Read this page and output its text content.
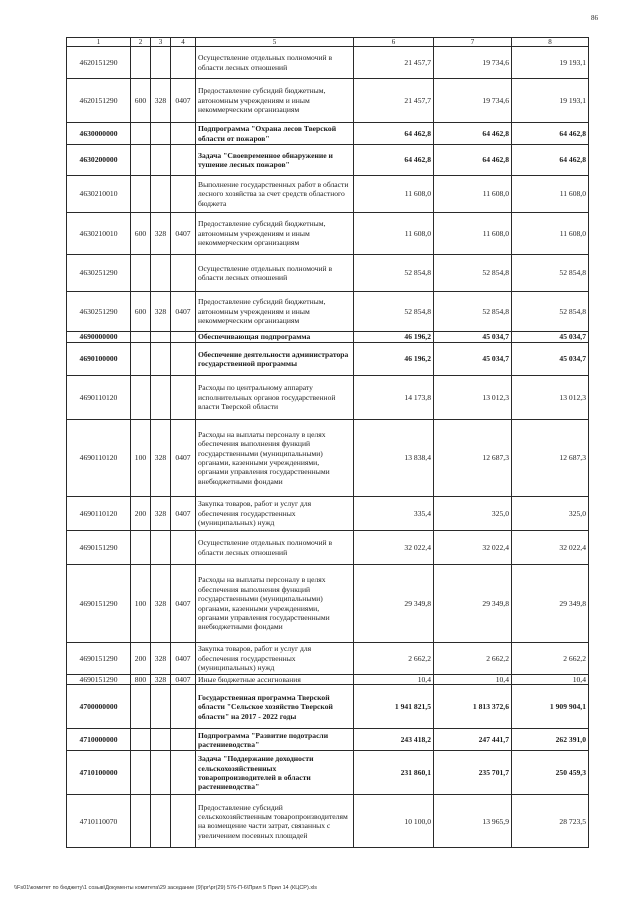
86
1	2	3	4	5	6	7	8
4620151290				Осуществление отдельных полномочий в области лесных отношений	21 457,7	19 734,6	19 193,1
4620151290	600	328	0407	Предоставление субсидий бюджетным, автономным учреждениям и иным некоммерческим организациям	21 457,7	19 734,6	19 193,1
4630000000				Подпрограмма "Охрана лесов Тверской области от пожаров"	64 462,8	64 462,8	64 462,8
4630200000				Задача "Своевременное обнаружение и тушение лесных пожаров"	64 462,8	64 462,8	64 462,8
4630210010				Выполнение государственных работ в области лесного хозяйства за счет средств областного бюджета	11 608,0	11 608,0	11 608,0
4630210010	600	328	0407	Предоставление субсидий бюджетным, автономным учреждениям и иным некоммерческим организациям	11 608,0	11 608,0	11 608,0
4630251290				Осуществление отдельных полномочий в области лесных отношений	52 854,8	52 854,8	52 854,8
4630251290	600	328	0407	Предоставление субсидий бюджетным, автономным учреждениям и иным некоммерческим организациям	52 854,8	52 854,8	52 854,8
4690000000				Обеспечивающая подпрограмма	46 196,2	45 034,7	45 034,7
4690100000				Обеспечение деятельности администратора государственной программы	46 196,2	45 034,7	45 034,7
4690110120				Расходы по центральному аппарату исполнительных органов государственной власти Тверской области	14 173,8	13 012,3	13 012,3
4690110120	100	328	0407	Расходы на выплаты персоналу в целях обеспечения выполнения функций государственными (муниципальными) органами, казенными учреждениями, органами управления государственными внебюджетными фондами	13 838,4	12 687,3	12 687,3
4690110120	200	328	0407	Закупка товаров, работ и услуг для обеспечения государственных (муниципальных) нужд	335,4	325,0	325,0
4690151290				Осуществление отдельных полномочий в области лесных отношений	32 022,4	32 022,4	32 022,4
4690151290	100	328	0407	Расходы на выплаты персоналу в целях обеспечения выполнения функций государственными (муниципальными) органами, казенными учреждениями, органами управления государственными внебюджетными фондами	29 349,8	29 349,8	29 349,8
4690151290	200	328	0407	Закупка товаров, работ и услуг для обеспечения государственных (муниципальных) нужд	2 662,2	2 662,2	2 662,2
4690151290	800	328	0407	Иные бюджетные ассигнования	10,4	10,4	10,4
4700000000				Государственная программа Тверской области "Сельское хозяйство Тверской области" на 2017 - 2022 годы	1 941 821,5	1 813 372,6	1 909 904,1
4710000000				Подпрограмма "Развитие подотрасли растениеводства"	243 418,2	247 441,7	262 391,0
4710100000				Задача "Поддержание доходности сельскохозяйственных товаропроизводителей в области растениеводства"	231 860,1	235 701,7	250 459,3
4710110070				Предоставление субсидий сельскохозяйственным товаропроизводителям на возмещение части затрат, связанных с увеличением посевных площадей	10 100,0	13 965,9	28 723,5
\\Fs01\комитет по бюджету\1 созыв\Документы комитета\29 заседание (9)\рг\рг(29) 576-П-6\Прил 5 Прил 14 (КЦСР).xls
